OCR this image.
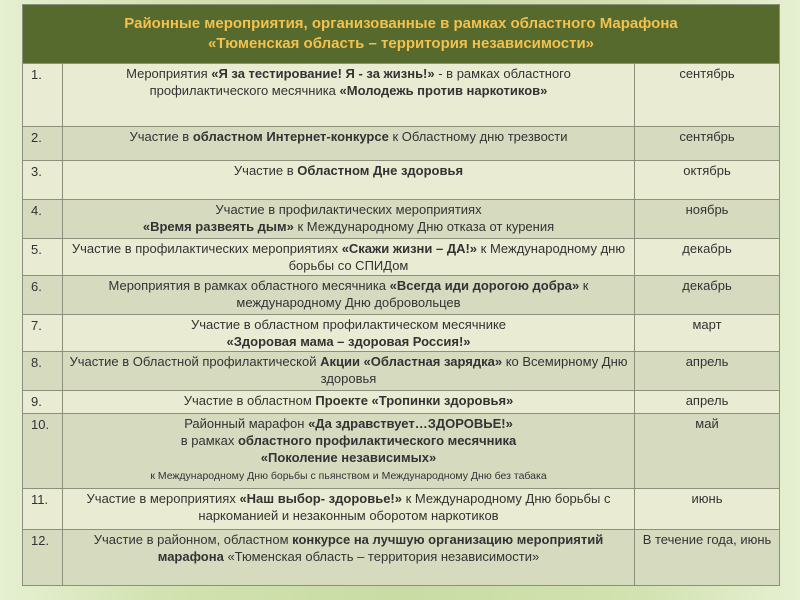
Районные мероприятия, организованные в рамках областного Марафона
«Тюменская область – территория независимости»		

1.	Мероприятия «Я за тестирование! Я - за жизнь!» - в рамках областного профилактического месячника «Молодежь против наркотиков»	сентябрь
2.	Участие в областном Интернет-конкурсе к Областному дню трезвости	сентябрь
3.	Участие в Областном Дне здоровья	октябрь
4.	Участие в профилактических мероприятиях
«Время развеять дым» к Международному Дню отказа от курения	ноябрь
5.	Участие в профилактических мероприятиях «Скажи жизни – ДА!» к Международному дню борьбы со СПИДом	декабрь
6.	Мероприятия в рамках областного месячника «Всегда иди дорогою добра» к международному Дню добровольцев	декабрь
7.	Участие в областном профилактическом месячнике
«Здоровая мама – здоровая Россия!»	март
8.	Участие в Областной профилактической Акции «Областная зарядка» ко Всемирному Дню здоровья	апрель
9.	Участие в областном Проекте «Тропинки здоровья»	апрель
10.	Районный марафон «Да здравствует…ЗДОРОВЬЕ!»
в рамках областного профилактического месячника
«Поколение независимых»
к Международному Дню борьбы с пьянством и Международному Дню без табака	май
11.	Участие в мероприятиях «Наш выбор- здоровье!» к Международному Дню борьбы с наркоманией и незаконным оборотом наркотиков	июнь
12.	Участие в районном, областном конкурсе на лучшую организацию мероприятий марафона «Тюменская область – территория независимости»	В течение года, июнь
